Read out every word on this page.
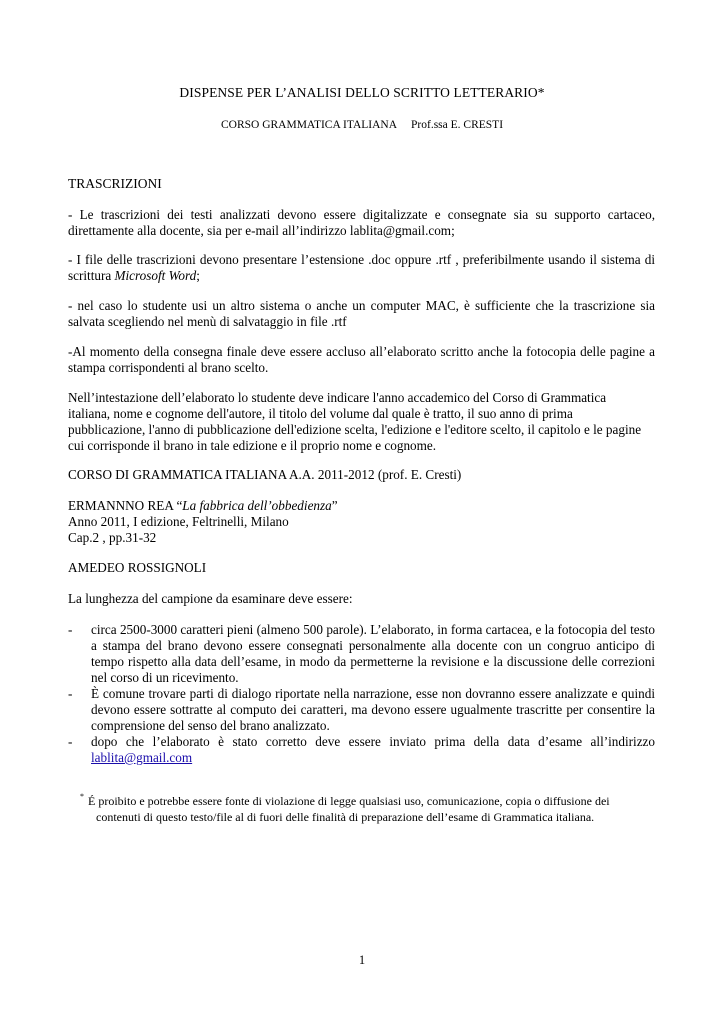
DISPENSE PER L’ANALISI DELLO SCRITTO LETTERARIO*
CORSO GRAMMATICA ITALIANA Prof.ssa E. CRESTI
TRASCRIZIONI
- Le trascrizioni dei testi analizzati devono essere digitalizzate e consegnate sia su supporto cartaceo, direttamente alla docente, sia per e-mail all’indirizzo lablita@gmail.com;
- I file delle trascrizioni devono presentare l’estensione .doc oppure .rtf , preferibilmente usando il sistema di scrittura Microsoft Word;
- nel caso lo studente usi un altro sistema o anche un computer MAC, è sufficiente che la trascrizione sia salvata scegliendo nel menù di salvataggio in file .rtf
-Al momento della consegna finale deve essere accluso all’elaborato scritto anche la fotocopia delle pagine a stampa corrispondenti al brano scelto.
Nell’intestazione dell’elaborato lo studente deve indicare l'anno accademico del Corso di Grammatica
italiana, nome e cognome dell'autore, il titolo del volume dal quale è tratto, il suo anno di prima
pubblicazione, l'anno di pubblicazione dell'edizione scelta, l'edizione e l'editore scelto, il capitolo e le pagine
cui corrisponde il brano in tale edizione e il proprio nome e cognome.
CORSO DI GRAMMATICA ITALIANA A.A. 2011-2012 (prof. E. Cresti)
ERMANNNO REA “La fabbrica dell’obbedienza”
Anno 2011, I edizione, Feltrinelli, Milano
Cap.2 , pp.31-32
AMEDEO ROSSIGNOLI
La lunghezza del campione da esaminare deve essere:
- circa 2500-3000 caratteri pieni (almeno 500 parole). L’elaborato, in forma cartacea, e la fotocopia del testo a stampa del brano devono essere consegnati personalmente alla docente con un congruo anticipo di tempo rispetto alla data dell’esame, in modo da permetterne la revisione e la discussione delle correzioni nel corso di un ricevimento.
- È comune trovare parti di dialogo riportate nella narrazione, esse non dovranno essere analizzate e quindi devono essere sottratte al computo dei caratteri, ma devono essere ugualmente trascritte per consentire la comprensione del senso del brano analizzato.
- dopo che l’elaborato è stato corretto deve essere inviato prima della data d’esame all’indirizzo lablita@gmail.com
* É proibito e potrebbe essere fonte di violazione di legge qualsiasi uso, comunicazione, copia o diffusione dei
contenuti di questo testo/file al di fuori delle finalità di preparazione dell’esame di Grammatica italiana.
1
